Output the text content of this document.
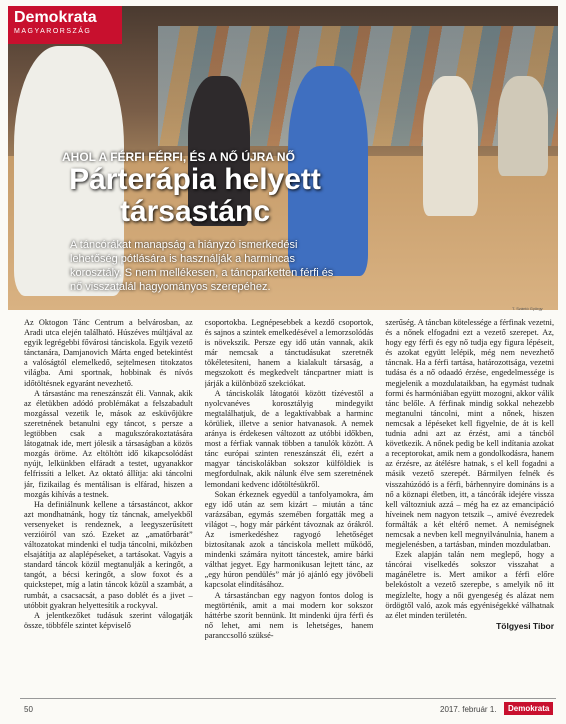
Demokrata
MAGYARORSZÁG
AHOL A FÉRFI FÉRFI, ÉS A NŐ ÚJRA NŐ
Párterápia helyett társastánc
A táncórákat manapság a hiányzó ismerkedési lehetőség pótlására is használják a harmincas korosztály. S nem mellékesen, a táncparketten férfi és nő visszatalál hagyományos szerepéhez.
T. Szántó György

Az Oktogon Tánc Centrum a belvárosban, az Aradi utca elején található. Húszéves múltjával az egyik legrégebbi fővárosi tánciskola. Egyik vezető tánctanára, Damjanovich Márta enged betekintést a valóságtól elemelkedő, sejtelmesen titokzatos világba. Ami sportnak, hobbinak és nívós időtöltésnek egyaránt nevezhető.

A társastánc ma reneszánszát éli. Vannak, akik az életükben adódó problémákat a felszabadult mozgással vezetik le, mások az esküvőjükre szeretnének betanulni egy táncot, s persze a legtöbben csak a magukszórakoztatására látogatnak ide, mert jólesik a társaságban a közös mozgás öröme. Az eltöltött idő kikapcsolódást nyújt, lelkünkben elfáradt a testet, ugyanakkor felfrissíti a lelket. Az oktató állítja: aki táncolni jár, fizikailag és mentálisan is elfárad, hiszen a mozgás kihívás a testnek.

Ha definiálnunk kellene a társastáncot, akkor azt mondhatnánk, hogy tíz táncnak, amelyekből versenyeket is rendeznek, a leegyszerűsített verzióiról van szó. Ezeket az „amatőrbarát” változatokat mindenki el tudja táncolni, miközben elsajátítja az alaplépéseket, a tartásokat. Vagyis a standard táncok közül megtanulják a keringőt, a tangót, a bécsi keringőt, a slow foxot és a quickstepet, míg a latin táncok közül a szambát, a rumbát, a csacsacsát, a paso doblét és a jivet – utóbbit gyakran helyettesítik a rockyval.

A jelentkezőket tudásuk szerint válogatják össze, többféle szintet képviselő

csoportokba. Legnépesebbek a kezdő csoportok, és sajnos a szintek emelkedésével a lemorzsolódás is növekszik. Persze egy idő után vannak, akik már nemcsak a tánctudásukat szeretnék tökéletesíteni, hanem a kialakult társaság, a megszokott és megkedvelt táncpartner miatt is járják a különböző szekciókat.

A tánciskolák látogatói között tízévestől a nyolcvanéves korosztályig mindegyikt megtalálhatjuk, de a legaktívabbak a harminc körüliek, illetve a senior hatvanasok. A nemek aránya is érdekesen változott az utóbbi időkben, most a férfiak vannak többen a tanulók között. A tánc európai szinten reneszánszát éli, ezért a magyar tánciskolákban sokszor külföldiek is megfordulnak, akik nálunk élve sem szeretnének lemondani kedvenc időtöltésükről.

Sokan érkeznek egyedül a tanfolyamokra, ám egy idő után az sem kizárt – miután a tánc varázsában, egymás szemében forgatták meg a világot –, hogy már párként távoznak az órákról. Az ismerkedéshez ragyogó lehetőséget biztosítanak azok a tánciskola mellett működő, mindenki számára nyitott táncestek, amire bárki válthat jegyet. Egy harmonikusan lejtett tánc, az „egy húron pendülés” már jó ajánló egy jövőbeli kapcsolat elindításához.

A társastáncban egy nagyon fontos dolog is megtörténik, amit a mai modern kor sokszor háttérbe szorít bennünk. Itt mindenki újra férfi és nő lehet, ami nem is lehetséges, hanem paranccsolló szüksé-

szerűség. A táncban kötelessége a férfinak vezetni, és a nőnek elfogadni ezt a vezető szerepet. Az, hogy egy férfi és egy nő tudja egy figura lépéseit, és azokat együtt lelépik, még nem nevezhető táncnak. Ha a férfi tartása, határozottsága, vezetni tudása és a nő odaadó érzése, engedelmessége is megjelenik a mozdulataikban, ha egymást tudnak formi és harmóniában együtt mozogni, akkor válik tánc belőle. A férfinak mindig sokkal nehezebb megtanulni táncolni, mint a nőnek, hiszen nemcsak a lépéseket kell figyelnie, de át is kell tudnia adni azt az érzést, ami a táncból következik. A nőnek pedig be kell indítania azokat a receptorokat, amik nem a gondolkodásra, hanem az érzésre, az átélésre hatnak, s el kell fogadni a másik vezető szerepét. Bármilyen felnék és visszahúzódó is a férfi, bárhennyire domináns is a nő a köznapi életben, itt, a táncórák idejére vissza kell változniuk azzá – még ha ez az emancipáció híveinek nem nagyon tetszik –, amivé évezredek formálták a két eltérő nemet. A nemiségnek nemcsak a nevben kell megnyilvánulnia, hanem a megjelenésben, a tartásban, minden mozdulatban.

Ezek alapján talán nem meglepő, hogy a táncórai viselkedés sokszor visszahat a magánéletre is. Mert amikor a férfi előre belekóstolt a vezető szerepbe, s amelyik nő itt megízlelte, hogy a női gyengeség és alázat nem ördögtől való, azok más egyéniségekké válhatnak az élet minden területén.

Tölgyesi Tibor

50	2017. február 1.	Demokrata
